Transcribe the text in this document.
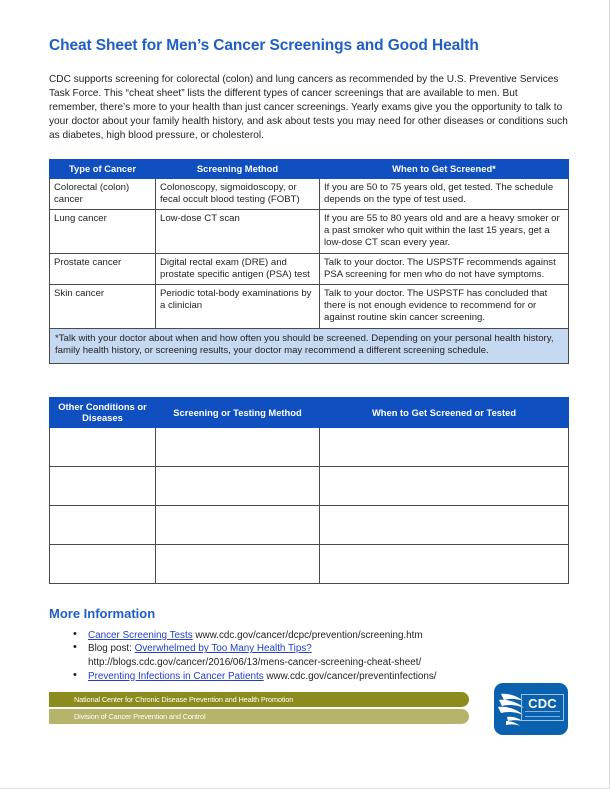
Cheat Sheet for Men’s Cancer Screenings and Good Health

CDC supports screening for colorectal (colon) and lung cancers as recommended by the U.S. Preventive Services Task Force. This “cheat sheet” lists the different types of cancer screenings that are available to men. But remember, there’s more to your health than just cancer screenings. Yearly exams give you the opportunity to talk to your doctor about your family health history, and ask about tests you may need for other diseases or conditions such as diabetes, high blood pressure, or cholesterol.

Type of Cancer	Screening Method	When to Get Screened*
Colorectal (colon) cancer	Colonoscopy, sigmoidoscopy, or fecal occult blood testing (FOBT)	If you are 50 to 75 years old, get tested. The schedule depends on the type of test used.
Lung cancer	Low-dose CT scan	If you are 55 to 80 years old and are a heavy smoker or a past smoker who quit within the last 15 years, get a low-dose CT scan every year.
Prostate cancer	Digital rectal exam (DRE) and prostate specific antigen (PSA) test	Talk to your doctor. The USPSTF recommends against PSA screening for men who do not have symptoms.
Skin cancer	Periodic total-body examinations by a clinician	Talk to your doctor. The USPSTF has concluded that there is not enough evidence to recommend for or against routine skin cancer screening.
*Talk with your doctor about when and how often you should be screened. Depending on your personal health history, family health history, or screening results, your doctor may recommend a different screening schedule.		
Other Conditions or Diseases	Screening or Testing Method	When to Get Screened or Tested

More Information
• Cancer Screening Tests www.cdc.gov/cancer/dcpc/prevention/screening.htm
• Blog post: Overwhelmed by Too Many Health Tips?
http://blogs.cdc.gov/cancer/2016/06/13/mens-cancer-screening-cheat-sheet/
• Preventing Infections in Cancer Patients www.cdc.gov/cancer/preventinfections/
National Center for Chronic Disease Prevention and Health Promotion
Division of Cancer Prevention and Control
CDC
